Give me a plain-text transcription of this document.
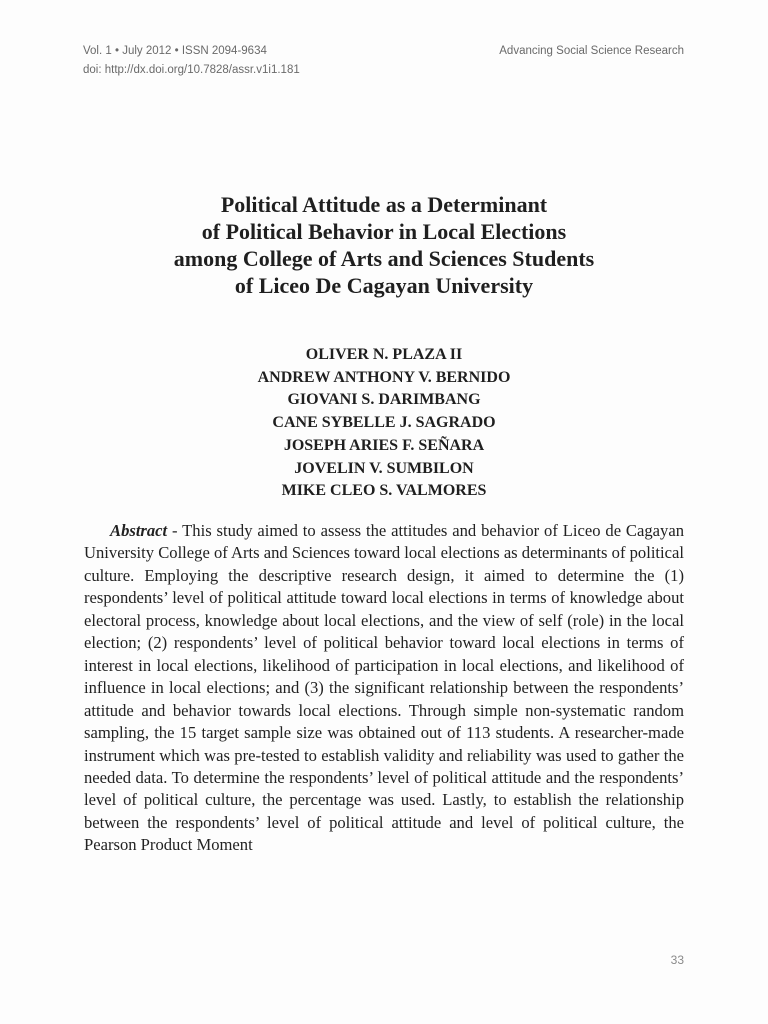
Vol. 1 • July 2012 • ISSN 2094-9634
doi: http://dx.doi.org/10.7828/assr.v1i1.181
Advancing Social Science Research
Political Attitude as a Determinant
of Political Behavior in Local Elections
among College of Arts and Sciences Students
of Liceo De Cagayan University
OLIVER N. PLAZA II
ANDREW ANTHONY V. BERNIDO
GIOVANI S. DARIMBANG
CANE SYBELLE J. SAGRADO
JOSEPH ARIES F. SEÑARA
JOVELIN V. SUMBILON
MIKE CLEO S. VALMORES

Abstract - This study aimed to assess the attitudes and behavior of Liceo de Cagayan University College of Arts and Sciences toward local elections as determinants of political culture. Employing the descriptive research design, it aimed to determine the (1) respondents’ level of political attitude toward local elections in terms of knowledge about electoral process, knowledge about local elections, and the view of self (role) in the local election; (2) respondents’ level of political behavior toward local elections in terms of interest in local elections, likelihood of participation in local elections, and likelihood of influence in local elections; and (3) the significant relationship between the respondents’ attitude and behavior towards local elections. Through simple non-systematic random sampling, the 15 target sample size was obtained out of 113 students. A researcher-made instrument which was pre-tested to establish validity and reliability was used to gather the needed data. To determine the respondents’ level of political attitude and the respondents’ level of political culture, the percentage was used. Lastly, to establish the relationship between the respondents’ level of political attitude and level of political culture, the Pearson Product Moment

33
